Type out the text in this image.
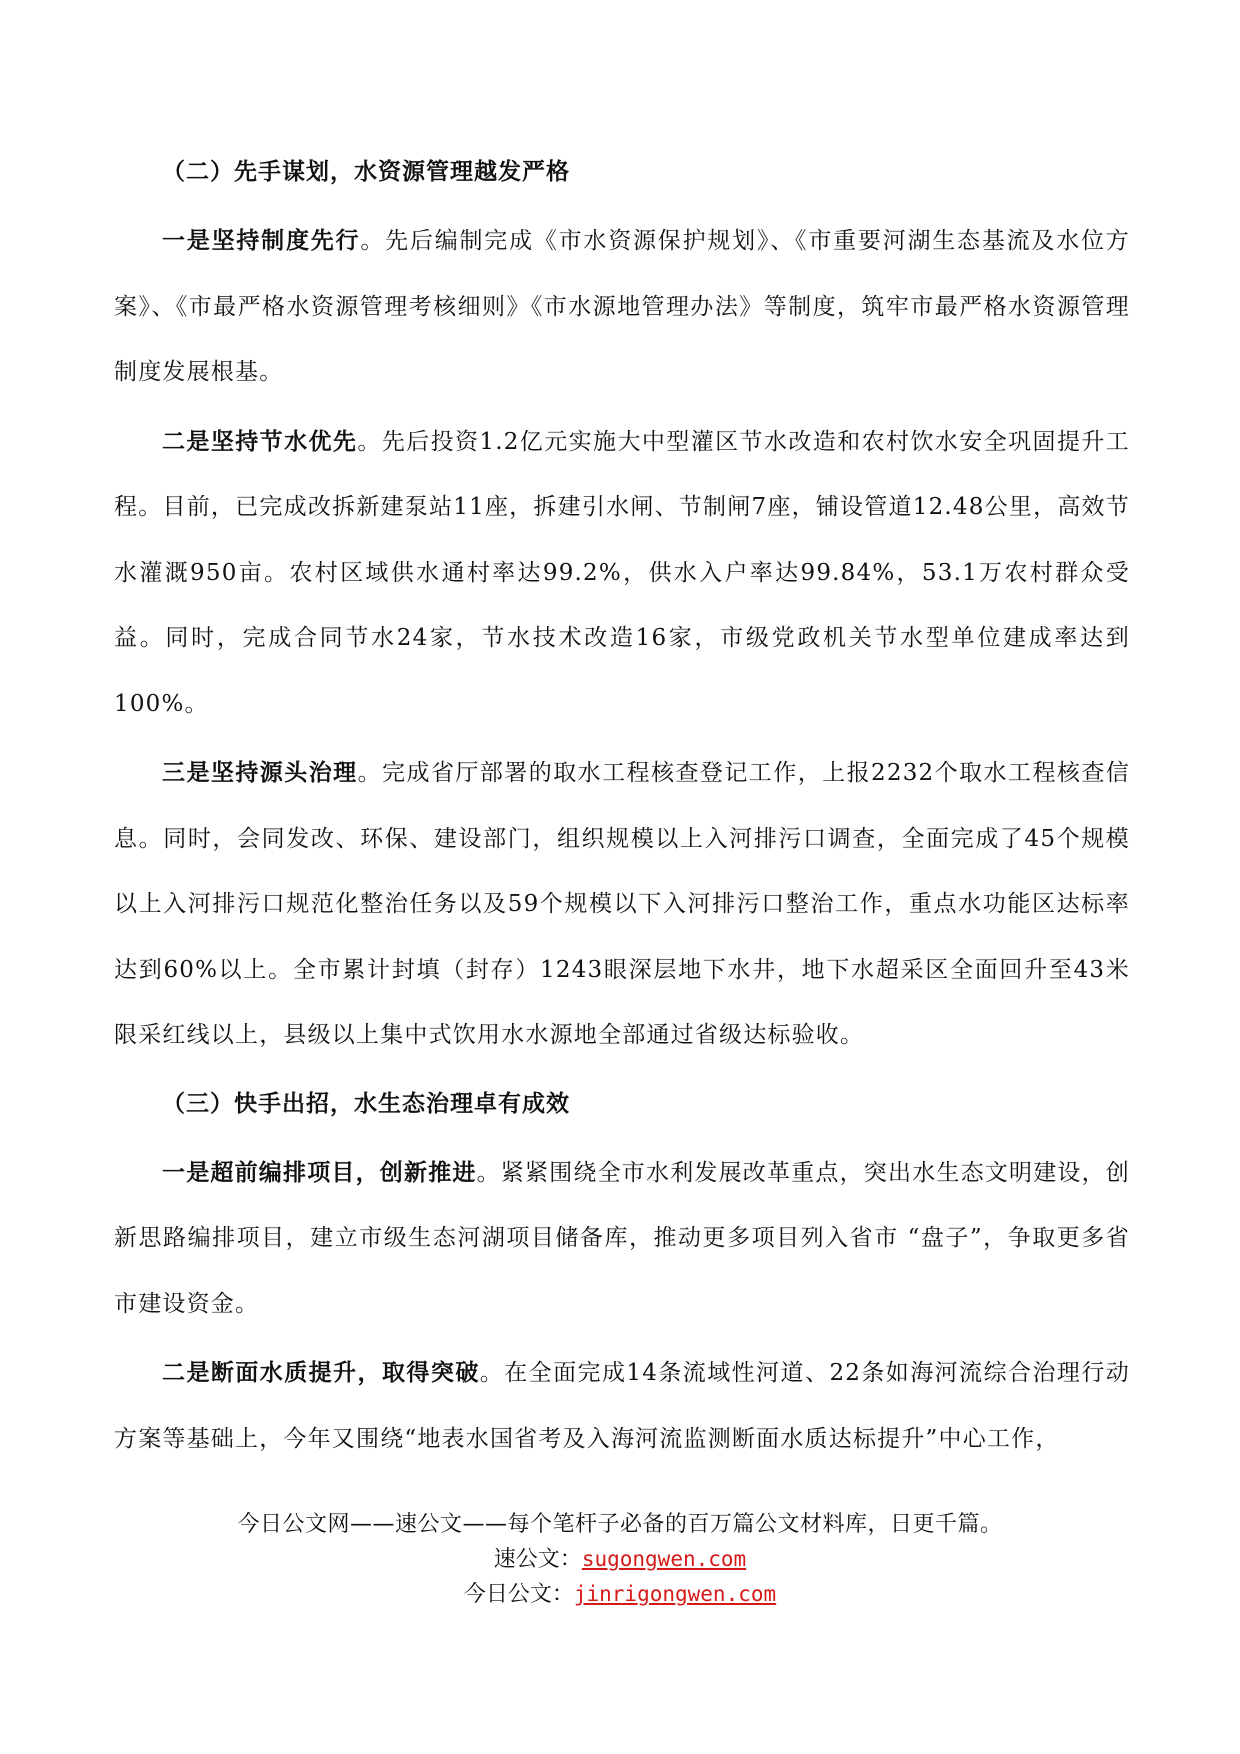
（二）先手谋划，水资源管理越发严格

一是坚持制度先行。先后编制完成《市水资源保护规划》、《市重要河湖生态基流及水位方案》、《市最严格水资源管理考核细则》《市水源地管理办法》等制度，筑牢市最严格水资源管理制度发展根基。

二是坚持节水优先。先后投资1.2亿元实施大中型灌区节水改造和农村饮水安全巩固提升工程。目前，已完成改拆新建泵站11座，拆建引水闸、节制闸7座，铺设管道12.48公里，高效节水灌溉950亩。农村区域供水通村率达99.2%，供水入户率达99.84%，53.1万农村群众受益。同时，完成合同节水24家，节水技术改造16家，市级党政机关节水型单位建成率达到100%。

三是坚持源头治理。完成省厅部署的取水工程核查登记工作，上报2232个取水工程核查信息。同时，会同发改、环保、建设部门，组织规模以上入河排污口调查，全面完成了45个规模以上入河排污口规范化整治任务以及59个规模以下入河排污口整治工作，重点水功能区达标率达到60%以上。全市累计封填（封存）1243眼深层地下水井，地下水超采区全面回升至43米限采红线以上，县级以上集中式饮用水水源地全部通过省级达标验收。

（三）快手出招，水生态治理卓有成效

一是超前编排项目，创新推进。紧紧围绕全市水利发展改革重点，突出水生态文明建设，创新思路编排项目，建立市级生态河湖项目储备库，推动更多项目列入省市 “盘子”，争取更多省市建设资金。

二是断面水质提升，取得突破。在全面完成14条流域性河道、22条如海河流综合治理行动方案等基础上，今年又围绕“地表水国省考及入海河流监测断面水质达标提升”中心工作，

今日公文网——速公文——每个笔杆子必备的百万篇公文材料库，日更千篇。
速公文：sugongwen.com
今日公文：jinrigongwen.com
